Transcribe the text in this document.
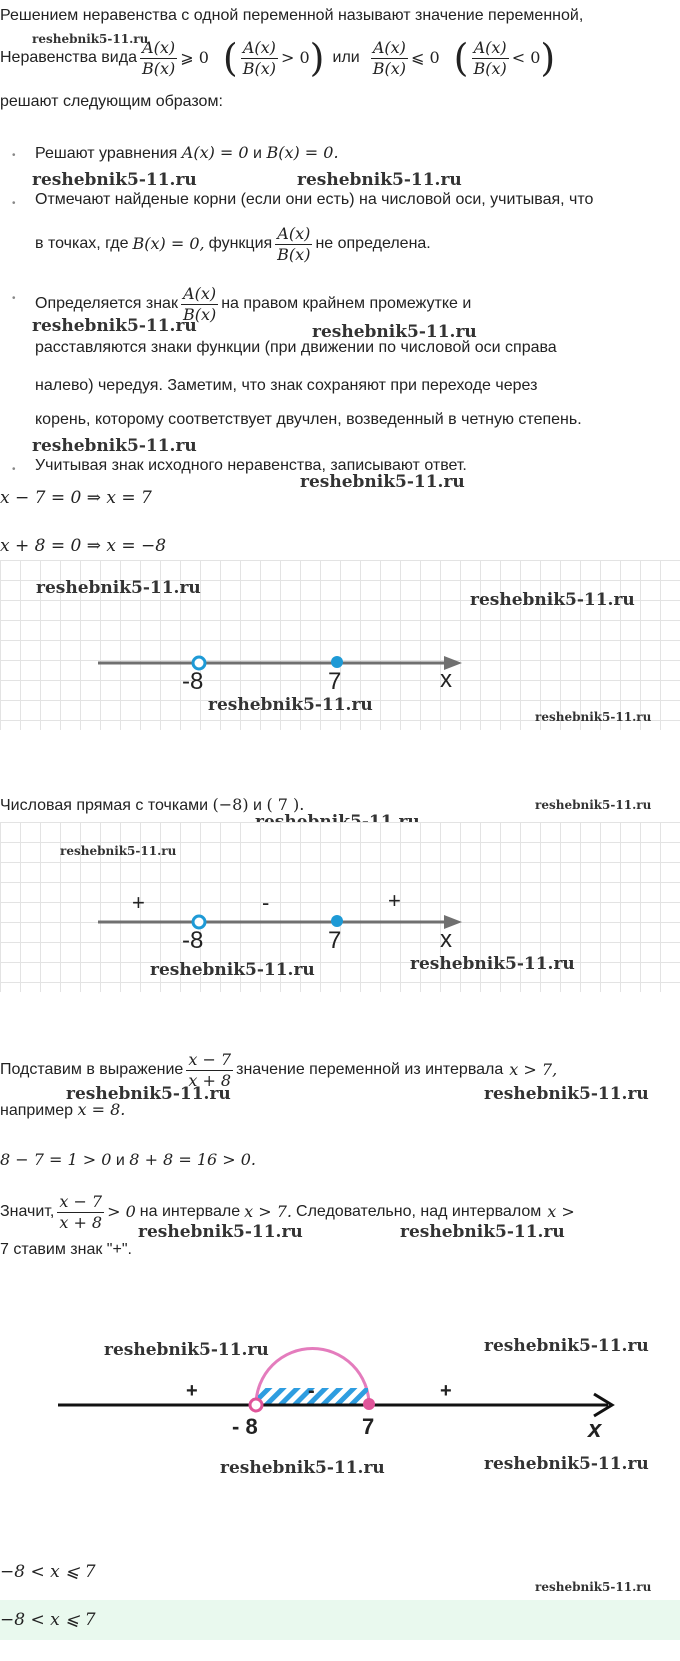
Решением неравенства с одной переменной называют значение переменной,
reshebnik5-11.ru
Неравенства вида $\frac{A(x)}{B(x)}$ ⩾ 0 ( $\frac{A(x)}{B(x)} > 0$ ) или $\frac{A(x)}{B(x)}$ ⩽ 0 ( $\frac{A(x)}{B(x)} < 0$ )
решают следующим образом:
• Решают уравнения A(x) = 0 и B(x) = 0.
reshebnik5-11.ru	reshebnik5-11.ru
• Отмечают найденые корни (если они есть) на числовой оси, учитывая, что
в точках, где B(x) = 0, функция $\frac{A(x)}{B(x)}$ не определена.
• Определяется знак $\frac{A(x)}{B(x)}$ на правом крайнем промежутке и
reshebnik5-11.ru	reshebnik5-11.ru
расставляются знаки функции (при движении по числовой оси справа
налево) чередуя. Заметим, что знак сохраняют при переходе через
корень, которому соответствует двучлен, возведенный в четную степень.
reshebnik5-11.ru
• Учитывая знак исходного неравенства, записывают ответ.
reshebnik5-11.ru
x − 7 = 0 ⇒ x = 7
x + 8 = 0 ⇒ x = −8
-8	7	x
reshebnik5-11.ru
reshebnik5-11.ru
reshebnik5-11.ru
reshebnik5-11.ru
Числовая прямая с точками (−8) и ( 7 ).	reshebnik5-11.ru
+	-	+
-8	7	x
reshebnik5-11.ru
reshebnik5-11.ru	reshebnik5-11.ru
Подставим в выражение $\frac{x - 7}{x + 8}$ значение переменной из интервала x > 7,
reshebnik5-11.ru	reshebnik5-11.ru
например x = 8.
8 − 7 = 1 > 0 и 8 + 8 = 16 > 0.
Значит, $\frac{x - 7}{x + 8} > 0$ на интервале x > 7. Следовательно, над интервалом x >
reshebnik5-11.ru	reshebnik5-11.ru
7 ставим знак "+".
+	-	+
- 8	7	x
reshebnik5-11.ru	reshebnik5-11.ru
reshebnik5-11.ru	reshebnik5-11.ru
−8 < x ⩽ 7
reshebnik5-11.ru
−8 < x ⩽ 7
